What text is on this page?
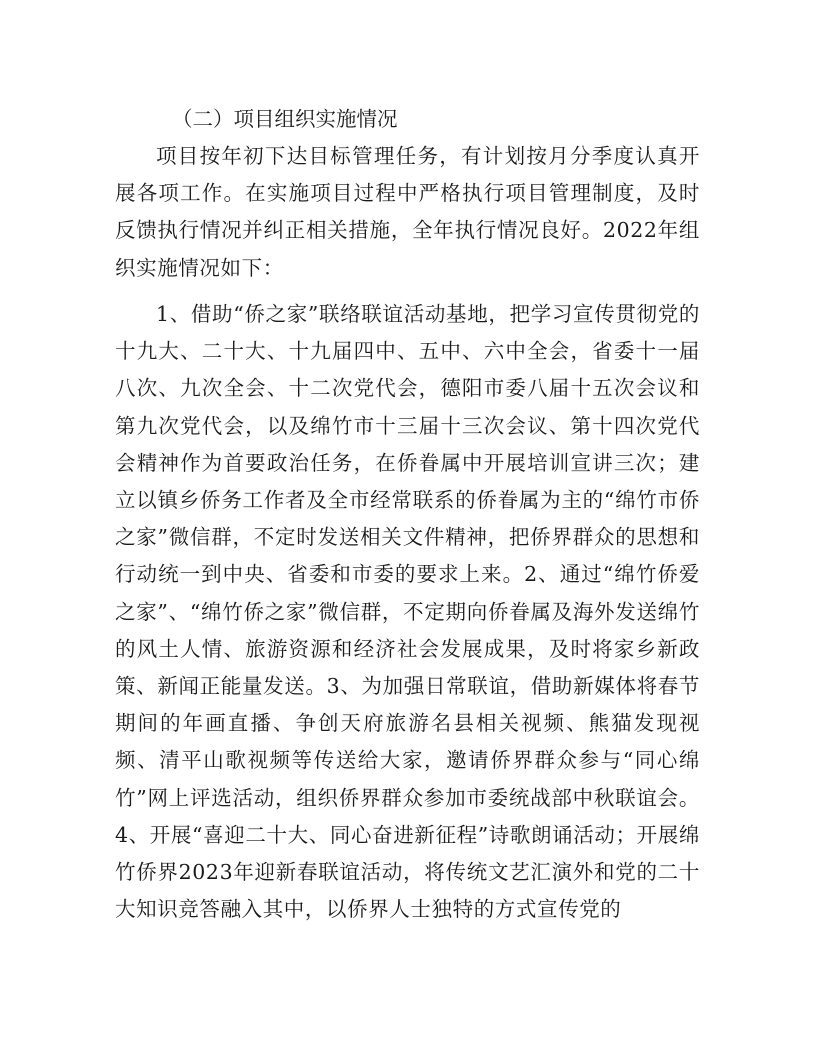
（二）项目组织实施情况

项目按年初下达目标管理任务，有计划按月分季度认真开展各项工作。在实施项目过程中严格执行项目管理制度，及时反馈执行情况并纠正相关措施，全年执行情况良好。2022年组织实施情况如下：

1、借助“侨之家”联络联谊活动基地，把学习宣传贯彻党的十九大、二十大、十九届四中、五中、六中全会，省委十一届八次、九次全会、十二次党代会，德阳市委八届十五次会议和第九次党代会，以及绵竹市十三届十三次会议、第十四次党代会精神作为首要政治任务，在侨眷属中开展培训宣讲三次；建立以镇乡侨务工作者及全市经常联系的侨眷属为主的“绵竹市侨之家”微信群，不定时发送相关文件精神，把侨界群众的思想和行动统一到中央、省委和市委的要求上来。2、通过“绵竹侨爱之家”、“绵竹侨之家”微信群，不定期向侨眷属及海外发送绵竹的风土人情、旅游资源和经济社会发展成果，及时将家乡新政策、新闻正能量发送。3、为加强日常联谊，借助新媒体将春节期间的年画直播、争创天府旅游名县相关视频、熊猫发现视频、清平山歌视频等传送给大家，邀请侨界群众参与“同心绵竹”网上评选活动，组织侨界群众参加市委统战部中秋联谊会。4、开展“喜迎二十大、同心奋进新征程”诗歌朗诵活动；开展绵竹侨界2023年迎新春联谊活动，将传统文艺汇演外和党的二十大知识竞答融入其中，以侨界人士独特的方式宣传党的
